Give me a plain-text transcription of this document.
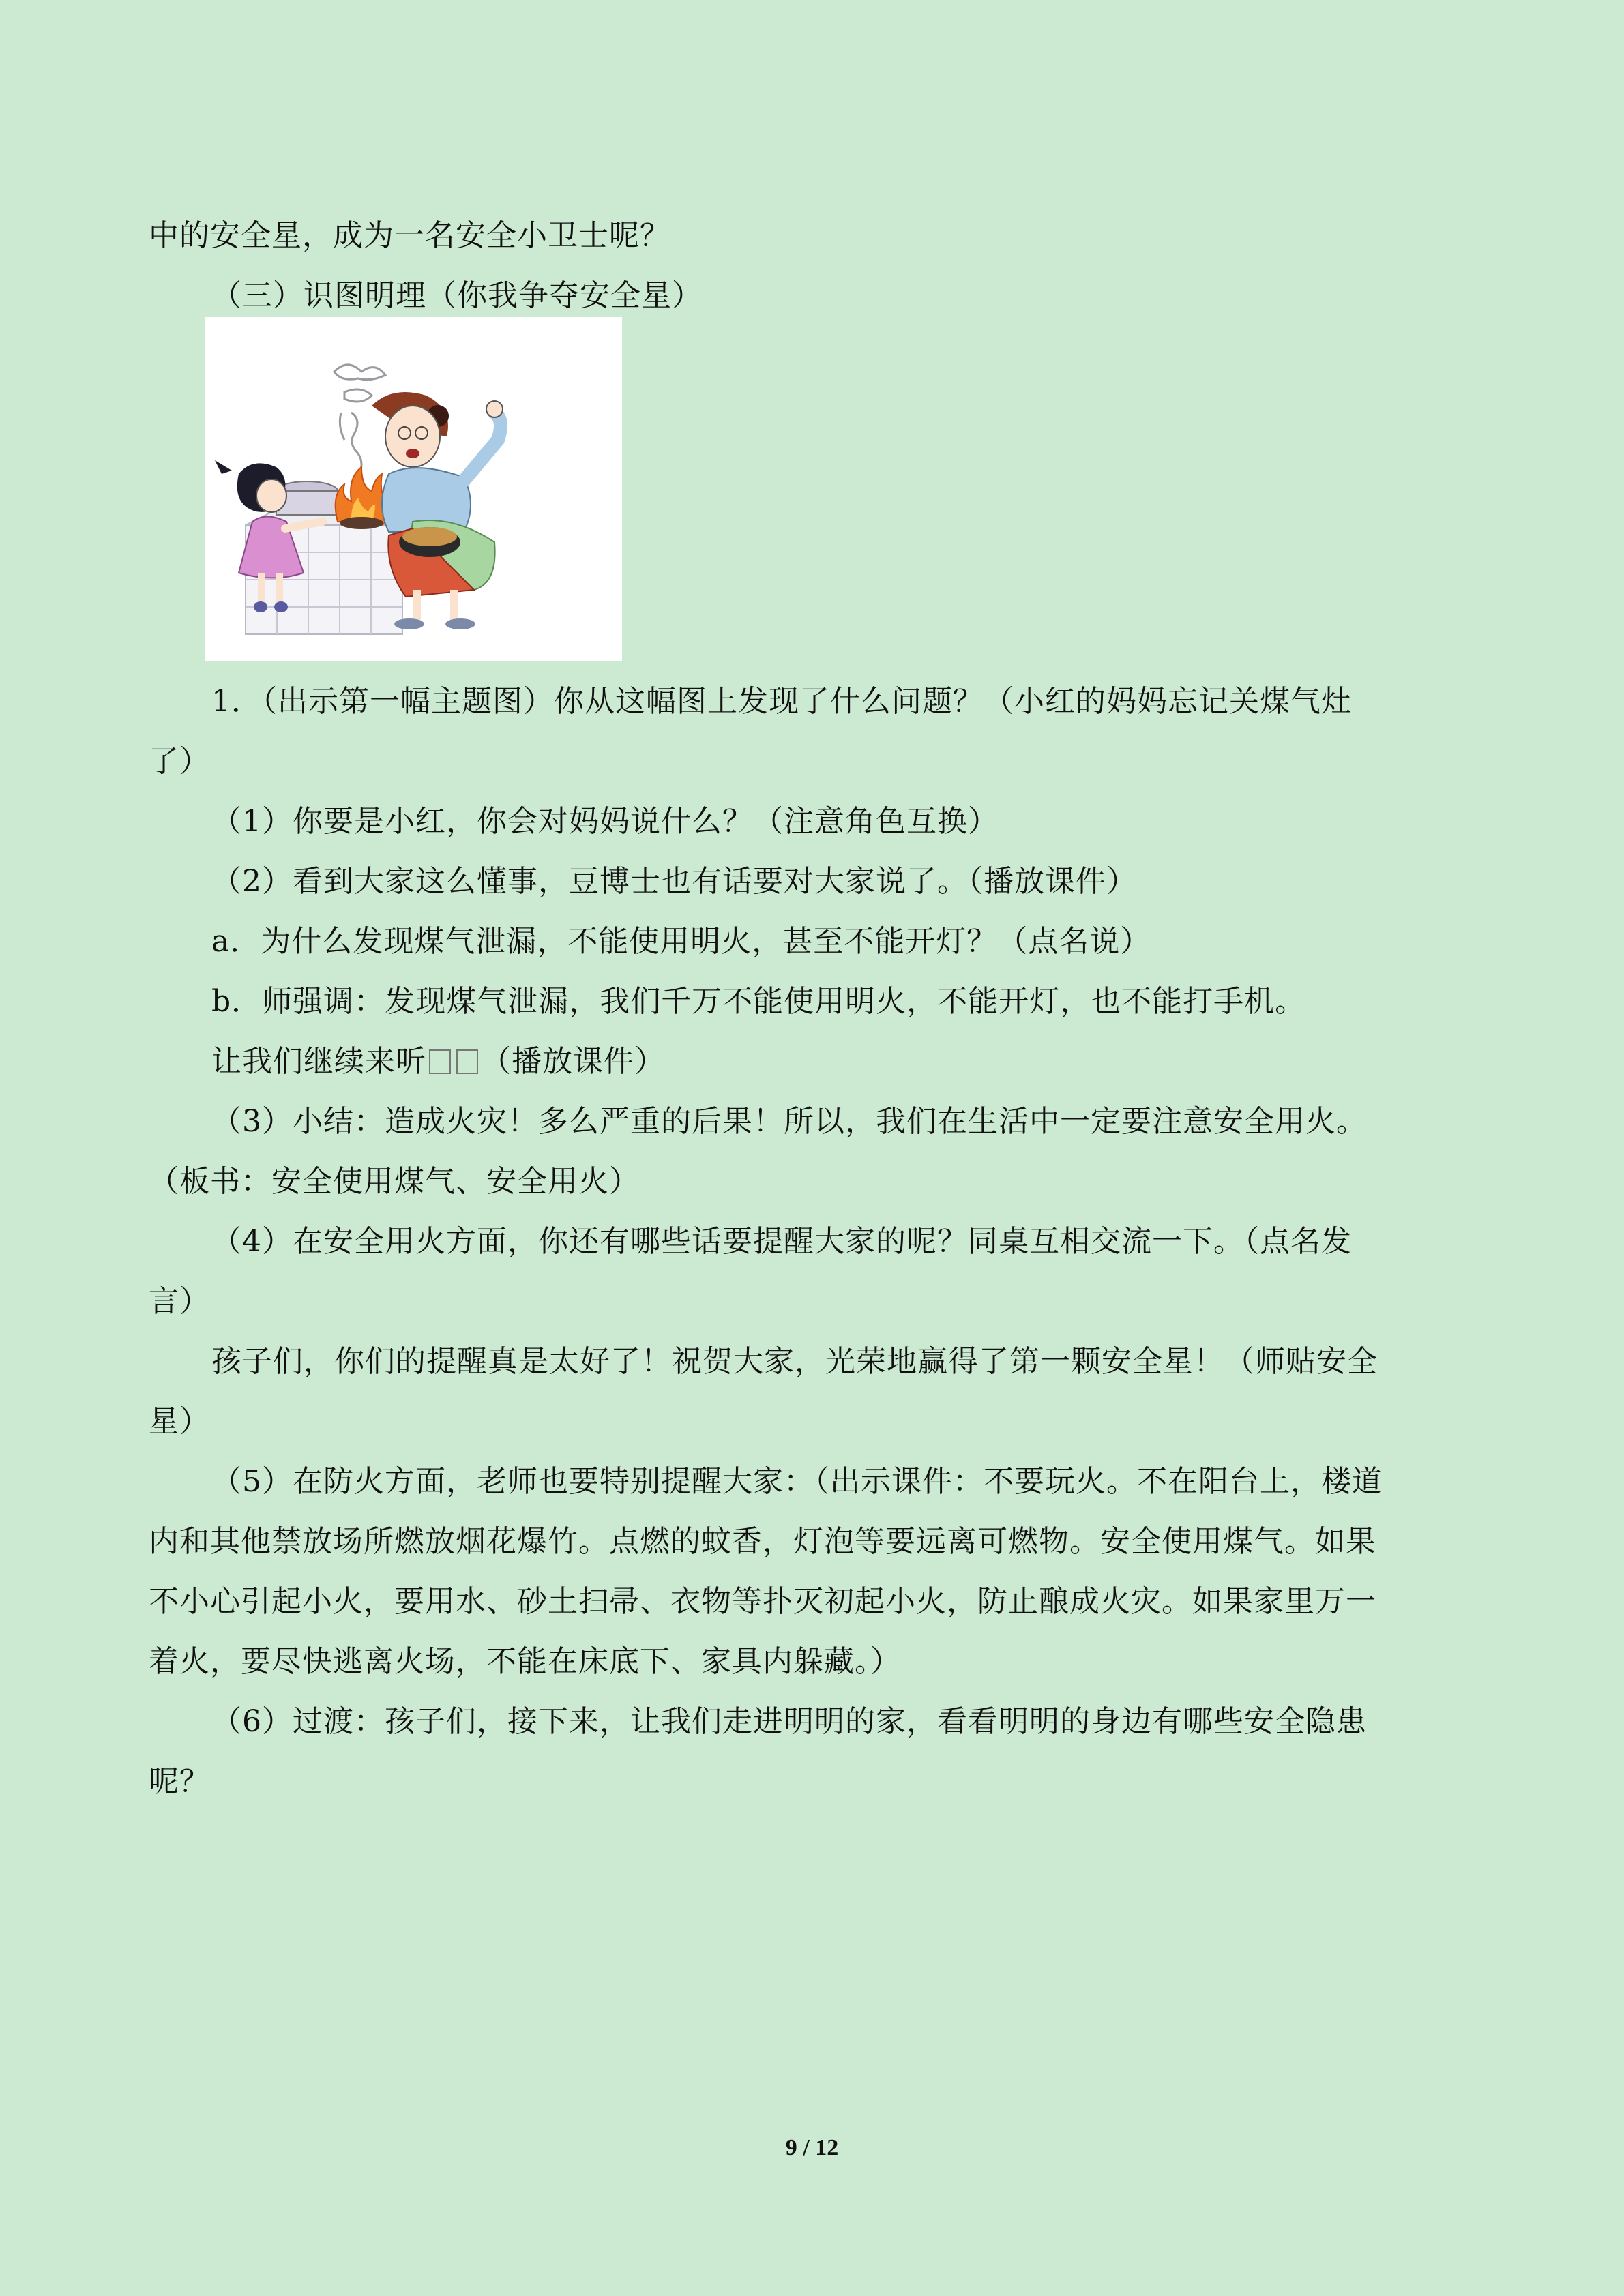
中的安全星，成为一名安全小卫士呢？
（三）识图明理（你我争夺安全星）
1．（出示第一幅主题图）你从这幅图上发现了什么问题？（小红的妈妈忘记关煤气灶
了）
（1）你要是小红，你会对妈妈说什么？（注意角色互换）
（2）看到大家这么懂事，豆博士也有话要对大家说了。（播放课件）
a．为什么发现煤气泄漏，不能使用明火，甚至不能开灯？（点名说）
b．师强调：发现煤气泄漏，我们千万不能使用明火，不能开灯，也不能打手机。
让我们继续来听 （播放课件）
（3）小结：造成火灾！多么严重的后果！所以，我们在生活中一定要注意安全用火。
（板书：安全使用煤气、安全用火）
（4）在安全用火方面，你还有哪些话要提醒大家的呢？同桌互相交流一下。（点名发
言）
孩子们，你们的提醒真是太好了！祝贺大家，光荣地赢得了第一颗安全星！（师贴安全
星）
（5）在防火方面，老师也要特别提醒大家：（出示课件：不要玩火。不在阳台上，楼道
内和其他禁放场所燃放烟花爆竹。点燃的蚊香，灯泡等要远离可燃物。安全使用煤气。如果
不小心引起小火，要用水、砂土扫帚、衣物等扑灭初起小火，防止酿成火灾。如果家里万一
着火，要尽快逃离火场，不能在床底下、家具内躲藏。）
（6）过渡：孩子们，接下来，让我们走进明明的家，看看明明的身边有哪些安全隐患
呢？
9 / 12
